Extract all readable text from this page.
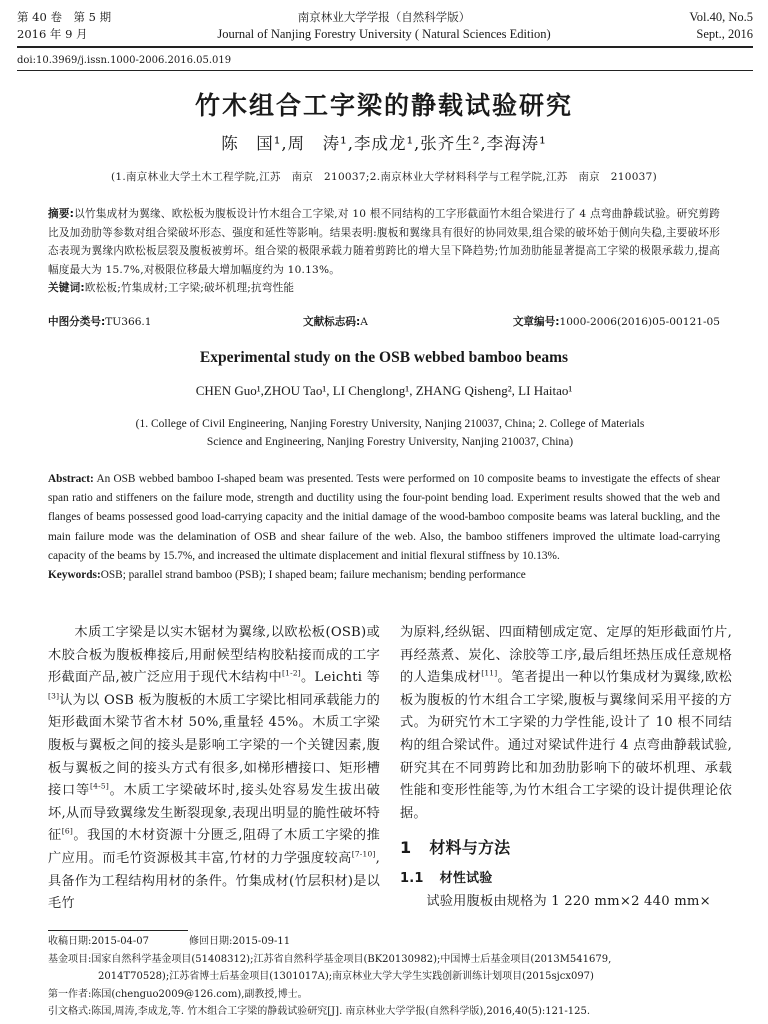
第 40 卷　第 5 期
2016 年 9 月
南京林业大学学报（自然科学版）
Journal of Nanjing Forestry University ( Natural Sciences Edition)
Vol.40, No.5
Sept., 2016
doi:10.3969/j.issn.1000-2006.2016.05.019
竹木组合工字梁的静载试验研究
陈　国¹,周　涛¹,李成龙¹,张齐生²,李海涛¹
(1.南京林业大学土木工程学院,江苏　南京　210037;2.南京林业大学材料科学与工程学院,江苏　南京　210037)
摘要:以竹集成材为翼缘、欧松板为腹板设计竹木组合工字梁,对 10 根不同结构的工字形截面竹木组合梁进行了 4 点弯曲静载试验。研究剪跨比及加劲肋等参数对组合梁破坏形态、强度和延性等影响。结果表明:腹板和翼缘具有很好的协同效果,组合梁的破坏始于侧向失稳,主要破坏形态表现为翼缘内欧松板层裂及腹板被剪坏。组合梁的极限承载力随着剪跨比的增大呈下降趋势;竹加劲肋能显著提高工字梁的极限承载力,提高幅度最大为 15.7%,对极限位移最大增加幅度约为 10.13%。
关键词:欧松板;竹集成材;工字梁;破坏机理;抗弯性能
中图分类号:TU366.1	文献标志码:A	文章编号:1000-2006(2016)05-00121-05
Experimental study on the OSB webbed bamboo beams
CHEN Guo¹,ZHOU Tao¹, LI Chenglong¹, ZHANG Qisheng², LI Haitao¹
(1. College of Civil Engineering, Nanjing Forestry University, Nanjing 210037, China; 2. College of Materials
Science and Engineering, Nanjing Forestry University, Nanjing 210037, China)
Abstract: An OSB webbed bamboo I-shaped beam was presented. Tests were performed on 10 composite beams to investigate the effects of shear span ratio and stiffeners on the failure mode, strength and ductility using the four-point bending load. Experiment results showed that the web and flanges of beams possessed good load-carrying capacity and the initial damage of the wood-bamboo composite beams was lateral buckling, and the main failure mode was the delamination of OSB and shear failure of the web. Also, the bamboo stiffeners improved the ultimate load-carrying capacity of the beams by 15.7%, and increased the ultimate displacement and initial flexural stiffness by 10.13%.
Keywords:OSB; parallel strand bamboo (PSB); I shaped beam; failure mechanism; bending performance

木质工字梁是以实木锯材为翼缘,以欧松板(OSB)或木胶合板为腹板榫接后,用耐候型结构胶粘接而成的工字形截面产品,被广泛应用于现代木结构中[1-2]。Leichti 等[3]认为以 OSB 板为腹板的木质工字梁比相同承载能力的矩形截面木梁节省木材 50%,重量轻 45%。木质工字梁腹板与翼板之间的接头是影响工字梁的一个关键因素,腹板与翼板之间的接头方式有很多,如梯形槽接口、矩形槽接口等[4-5]。木质工字梁破坏时,接头处容易发生拔出破坏,从而导致翼缘发生断裂现象,表现出明显的脆性破坏特征[6]。我国的木材资源十分匮乏,阻碍了木质工字梁的推广应用。而毛竹资源极其丰富,竹材的力学强度较高[7-10],具备作为工程结构用材的条件。竹集成材(竹层积材)是以毛竹

为原料,经纵锯、四面精刨成定宽、定厚的矩形截面竹片,再经蒸煮、炭化、涂胶等工序,最后组坯热压成任意规格的人造集成材[11]。笔者提出一种以竹集成材为翼缘,欧松板为腹板的竹木组合工字梁,腹板与翼缘间采用平接的方式。为研究竹木工字梁的力学性能,设计了 10 根不同结构的组合梁试件。通过对梁试件进行 4 点弯曲静载试验,研究其在不同剪跨比和加劲肋影响下的破坏机理、承载性能和变形性能等,为竹木组合工字梁的设计提供理论依据。

1 材料与方法
1.1 材性试验

试验用腹板由规格为 1 220 mm×2 440 mm×

收稿日期:2015-04-07　　　　修回日期:2015-09-11
基金项目:国家自然科学基金项目(51408312);江苏省自然科学基金项目(BK20130982);中国博士后基金项目(2013M541679,
2014T70528);江苏省博士后基金项目(1301017A);南京林业大学大学生实践创新训练计划项目(2015sjcx097)
第一作者:陈国(chenguo2009@126.com),副教授,博士。
引文格式:陈国,周涛,李成龙,等. 竹木组合工字梁的静载试验研究[J]. 南京林业大学学报(自然科学版),2016,40(5):121-125.
